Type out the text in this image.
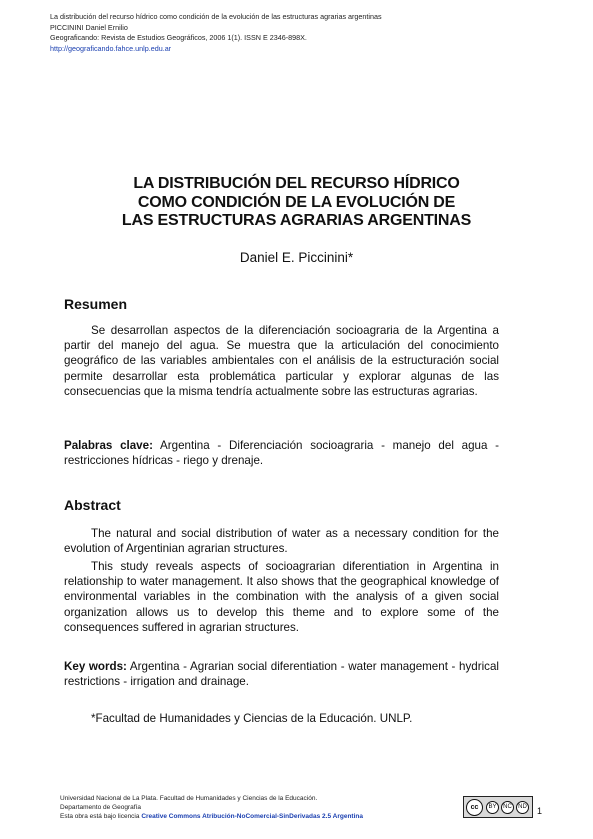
La distribución del recurso hídrico como condición de la evolución de las estructuras agrarias argentinas
PICCININI Daniel Ernilio
Geograficando: Revista de Estudios Geográficos, 2006 1(1). ISSN E 2346-898X.
http://geograficando.fahce.unlp.edu.ar
LA DISTRIBUCIÓN DEL RECURSO HÍDRICO
COMO CONDICIÓN DE LA EVOLUCIÓN DE
LAS ESTRUCTURAS AGRARIAS ARGENTINAS
Daniel E. Piccinini*
Resumen
Se desarrollan aspectos de la diferenciación socioagraria de la Argentina a partir del manejo del agua. Se muestra que la articulación del conocimiento geográfico de las variables ambientales con el análisis de la estructuración social permite desarrollar esta problemática particular y explorar algunas de las consecuencias que la misma tendría actualmente sobre las estructuras agrarias.
Palabras clave: Argentina - Diferenciación socioagraria - manejo del agua - restricciones hídricas - riego y drenaje.
Abstract
The natural and social distribution of water as a necessary condition for the evolution of Argentinian agrarian structures.
This study reveals aspects of socioagrarian diferentiation in Argentina in relationship to water management. It also shows that the geographical knowledge of environmental variables in the combination with the analysis of a given social organization allows us to develop this theme and to explore some of the consequences suffered in agrarian structures.
Key words: Argentina - Agrarian social diferentiation - water management - hydrical restrictions - irrigation and drainage.
*Facultad de Humanidades y Ciencias de la Educación. UNLP.
Universidad Nacional de La Plata. Facultad de Humanidades y Ciencias de la Educación.
Departamento de Geografía
Esta obra está bajo licencia Creative Commons Atribución-NoComercial-SinDerivadas 2.5 Argentina
cc	BY	NC	ND 1
